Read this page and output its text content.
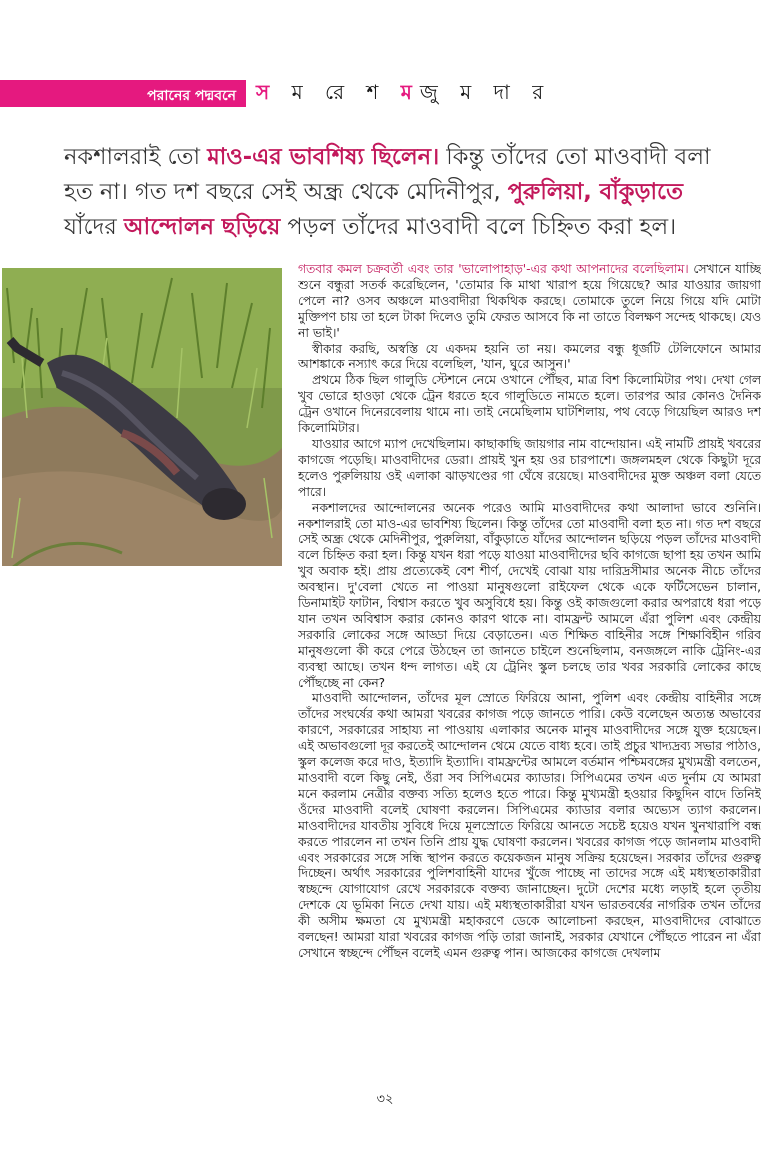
পরানের পদ্মবনে স ম রে শ মজু ম দা র
নকশালরাই তো মাও-এর ভাবশিষ্য ছিলেন। কিন্তু তাঁদের তো মাওবাদী বলা হত না। গত দশ বছরে সেই অন্ধ্র থেকে মেদিনীপুর, পুরুলিয়া, বাঁকুড়াতে যাঁদের আন্দোলন ছড়িয়ে পড়ল তাঁদের মাওবাদী বলে চিহ্নিত করা হল।

গতবার কমল চক্রবর্তী এবং তার 'ভালোপাহাড়'-এর কথা আপনাদের বলেছিলাম। সেখানে যাচ্ছি শুনে বন্ধুরা সতর্ক করেছিলেন, 'তোমার কি মাথা খারাপ হয়ে গিয়েছে? আর যাওয়ার জায়গা পেলে না? ওসব অঞ্চলে মাওবাদীরা থিকথিক করছে। তোমাকে তুলে নিয়ে গিয়ে যদি মোটা মুক্তিপণ চায় তা হলে টাকা দিলেও তুমি ফেরত আসবে কি না তাতে বিলক্ষণ সন্দেহ থাকছে। যেও না ভাই।'

স্বীকার করছি, অস্বস্তি যে একদম হয়নি তা নয়। কমলের বন্ধু ধূর্জটি টেলিফোনে আমার আশঙ্কাকে নস্যাৎ করে দিয়ে বলেছিল, 'যান, ঘুরে আসুন।'

প্রথমে ঠিক ছিল গালুডি স্টেশনে নেমে ওখানে পৌঁছব, মাত্র বিশ কিলোমিটার পথ। দেখা গেল খুব ভোরে হাওড়া থেকে ট্রেন ধরতে হবে গালুডিতে নামতে হলে। তারপর আর কোনও দৈনিক ট্রেন ওখানে দিনেরবেলায় থামে না। তাই নেমেছিলাম ঘাটশিলায়, পথ বেড়ে গিয়েছিল আরও দশ কিলোমিটার।

যাওয়ার আগে ম্যাপ দেখেছিলাম। কাছাকাছি জায়গার নাম বান্দোয়ান। এই নামটি প্রায়ই খবরের কাগজে পড়েছি। মাওবাদীদের ডেরা। প্রায়ই খুন হয় ওর চারপাশে। জঙ্গলমহল থেকে কিছুটা দূরে হলেও পুরুলিয়ায় ওই এলাকা ঝাড়খণ্ডের গা ঘেঁষে রয়েছে। মাওবাদীদের মুক্ত অঞ্চল বলা যেতে পারে।

নকশালদের আন্দোলনের অনেক পরেও আমি মাওবাদীদের কথা আলাদা ভাবে শুনিনি। নকশালরাই তো মাও-এর ভাবশিষ্য ছিলেন। কিন্তু তাঁদের তো মাওবাদী বলা হত না। গত দশ বছরে সেই অন্ধ্র থেকে মেদিনীপুর, পুরুলিয়া, বাঁকুড়াতে যাঁদের আন্দোলন ছড়িয়ে পড়ল তাঁদের মাওবাদী বলে চিহ্নিত করা হল। কিন্তু যখন ধরা পড়ে যাওয়া মাওবাদীদের ছবি কাগজে ছাপা হয় তখন আমি খুব অবাক হই। প্রায় প্রত্যেকেই বেশ শীর্ণ, দেখেই বোঝা যায় দারিদ্রসীমার অনেক নীচে তাঁদের অবস্থান। দু'বেলা খেতে না পাওয়া মানুষগুলো রাইফেল থেকে একে ফর্টিসেভেন চালান, ডিনামাইট ফাটান, বিশ্বাস করতে খুব অসুবিধে হয়। কিন্তু ওই কাজগুলো করার অপরাধে ধরা পড়ে যান তখন অবিশ্বাস করার কোনও কারণ থাকে না। বামফ্রন্ট আমলে এঁরা পুলিশ এবং কেন্দ্রীয় সরকারি লোকের সঙ্গে আড্ডা দিয়ে বেড়াতেন। এত শিক্ষিত বাহিনীর সঙ্গে শিক্ষাবিহীন গরিব মানুষগুলো কী করে পেরে উঠছেন তা জানতে চাইলে শুনেছিলাম, বনজঙ্গলে নাকি ট্রেনিং-এর ব্যবস্থা আছে। তখন ধন্দ লাগত। এই যে ট্রেনিং স্কুল চলছে তার খবর সরকারি লোকের কাছে পৌঁছচ্ছে না কেন?

মাওবাদী আন্দোলন, তাঁদের মূল স্রোতে ফিরিয়ে আনা, পুলিশ এবং কেন্দ্রীয় বাহিনীর সঙ্গে তাঁদের সংঘর্ষের কথা আমরা খবরের কাগজ পড়ে জানতে পারি। কেউ বলেছেন অত্যন্ত অভাবের কারণে, সরকারের সাহায্য না পাওয়ায় এলাকার অনেক মানুষ মাওবাদীদের সঙ্গে যুক্ত হয়েছেন। এই অভাবগুলো দূর করতেই আন্দোলন থেমে যেতে বাধ্য হবে। তাই প্রচুর খাদ্যদ্রব্য সভার পাঠাও, স্কুল কলেজ করে দাও, ইত্যাদি ইত্যাদি। বামফ্রন্টের আমলে বর্তমান পশ্চিমবঙ্গের মুখ্যমন্ত্রী বলতেন, মাওবাদী বলে কিছু নেই, ওঁরা সব সিপিএমের ক্যাডার। সিপিএমের তখন এত দুর্নাম যে আমরা মনে করলাম নেত্রীর বক্তব্য সত্যি হলেও হতে পারে। কিন্তু মুখ্যমন্ত্রী হওয়ার কিছুদিন বাদে তিনিই ওঁদের মাওবাদী বলেই ঘোষণা করলেন। সিপিএমের ক্যাডার বলার অভ্যেস ত্যাগ করলেন। মাওবাদীদের যাবতীয় সুবিধে দিয়ে মূলস্রোতে ফিরিয়ে আনতে সচেষ্ট হয়েও যখন খুনখারাপি বন্ধ করতে পারলেন না তখন তিনি প্রায় যুদ্ধ ঘোষণা করলেন। খবরের কাগজ পড়ে জানলাম মাওবাদী এবং সরকারের সঙ্গে সন্ধি স্থাপন করতে কয়েকজন মানুষ সক্রিয় হয়েছেন। সরকার তাঁদের গুরুত্ব দিচ্ছেন। অর্থাৎ সরকারের পুলিশবাহিনী যাদের খুঁজে পাচ্ছে না তাদের সঙ্গে এই মধ্যস্থতাকারীরা স্বচ্ছন্দে যোগাযোগ রেখে সরকারকে বক্তব্য জানাচ্ছেন। দুটো দেশের মধ্যে লড়াই হলে তৃতীয় দেশকে যে ভূমিকা নিতে দেখা যায়। এই মধ্যস্থতাকারীরা যখন ভারতবর্ষের নাগরিক তখন তাঁদের কী অসীম ক্ষমতা যে মুখ্যমন্ত্রী মহাকরণে ডেকে আলোচনা করছেন, মাওবাদীদের বোঝাতে বলছেন! আমরা যারা খবরের কাগজ পড়ি তারা জানাই, সরকার যেখানে পৌঁছতে পারেন না এঁরা সেখানে স্বচ্ছন্দে পৌঁছন বলেই এমন গুরুত্ব পান। আজকের কাগজে দেখলাম

৩২
